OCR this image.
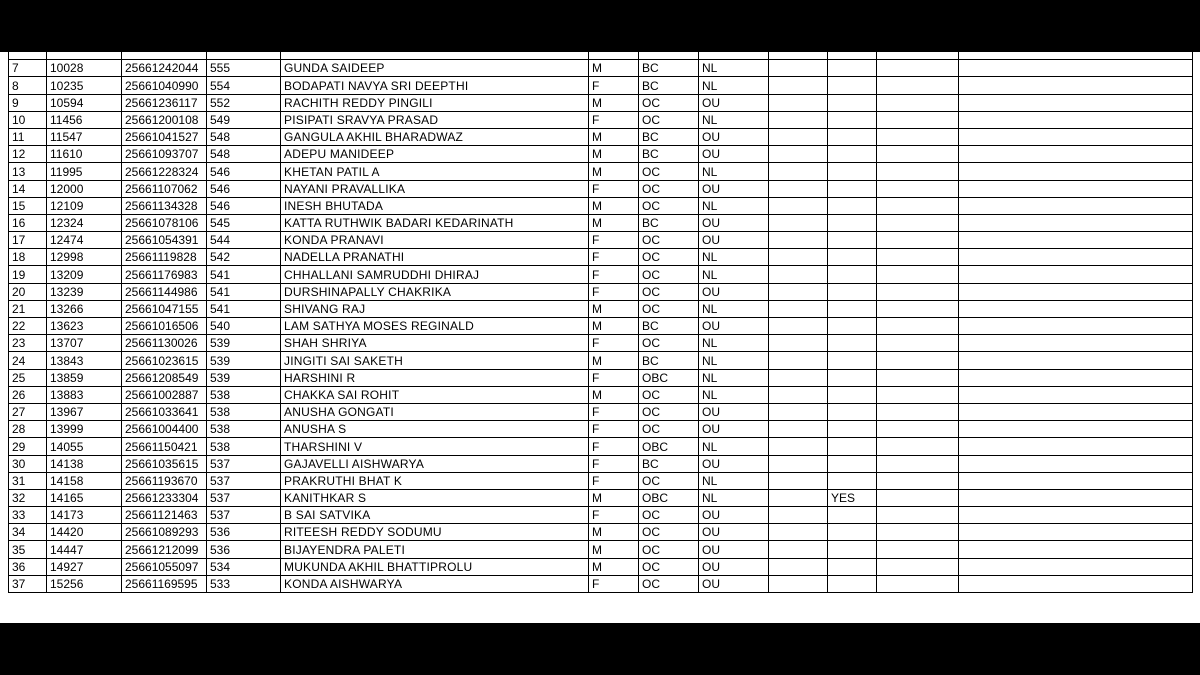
7	10028	25661242044	555	GUNDA SAIDEEP	M	BC	NL				
8	10235	25661040990	554	BODAPATI NAVYA SRI DEEPTHI	F	BC	NL				
9	10594	25661236117	552	RACHITH REDDY PINGILI	M	OC	OU				
10	11456	25661200108	549	PISIPATI SRAVYA PRASAD	F	OC	NL				
11	11547	25661041527	548	GANGULA AKHIL BHARADWAZ	M	BC	OU				
12	11610	25661093707	548	ADEPU MANIDEEP	M	BC	OU				
13	11995	25661228324	546	KHETAN PATIL A	M	OC	NL				
14	12000	25661107062	546	NAYANI PRAVALLIKA	F	OC	OU				
15	12109	25661134328	546	INESH BHUTADA	M	OC	NL				
16	12324	25661078106	545	KATTA RUTHWIK BADARI KEDARINATH	M	BC	OU				
17	12474	25661054391	544	KONDA PRANAVI	F	OC	OU				
18	12998	25661119828	542	NADELLA PRANATHI	F	OC	NL				
19	13209	25661176983	541	CHHALLANI SAMRUDDHI DHIRAJ	F	OC	NL				
20	13239	25661144986	541	DURSHINAPALLY CHAKRIKA	F	OC	OU				
21	13266	25661047155	541	SHIVANG RAJ	M	OC	NL				
22	13623	25661016506	540	LAM SATHYA MOSES REGINALD	M	BC	OU				
23	13707	25661130026	539	SHAH SHRIYA	F	OC	NL				
24	13843	25661023615	539	JINGITI SAI SAKETH	M	BC	NL				
25	13859	25661208549	539	HARSHINI R	F	OBC	NL				
26	13883	25661002887	538	CHAKKA SAI ROHIT	M	OC	NL				
27	13967	25661033641	538	ANUSHA GONGATI	F	OC	OU				
28	13999	25661004400	538	ANUSHA S	F	OC	OU				
29	14055	25661150421	538	THARSHINI V	F	OBC	NL				
30	14138	25661035615	537	GAJAVELLI AISHWARYA	F	BC	OU				
31	14158	25661193670	537	PRAKRUTHI BHAT K	F	OC	NL				
32	14165	25661233304	537	KANITHKAR S	M	OBC	NL		YES		
33	14173	25661121463	537	B SAI SATVIKA	F	OC	OU				
34	14420	25661089293	536	RITEESH REDDY SODUMU	M	OC	OU				
35	14447	25661212099	536	BIJAYENDRA PALETI	M	OC	OU				
36	14927	25661055097	534	MUKUNDA AKHIL BHATTIPROLU	M	OC	OU				
37	15256	25661169595	533	KONDA AISHWARYA	F	OC	OU				
